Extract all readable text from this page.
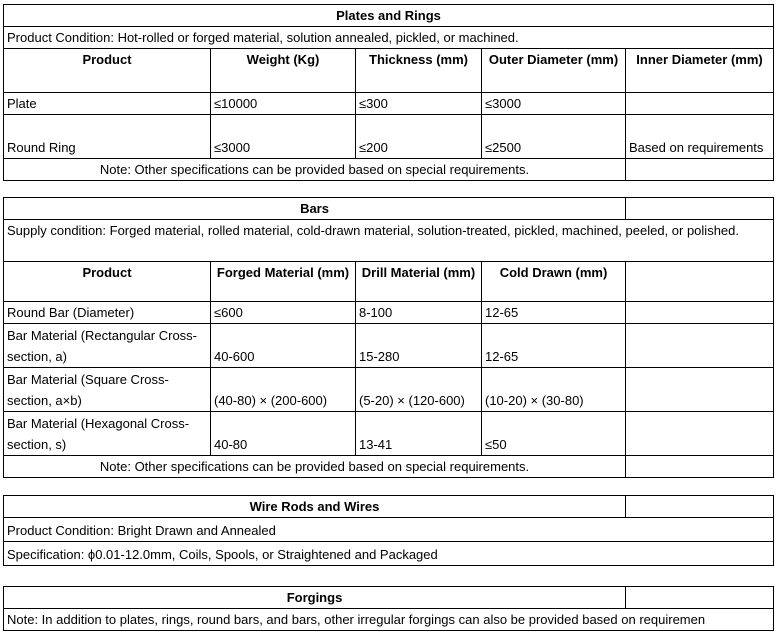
Plates and Rings				
Product Condition: Hot-rolled or forged material, solution annealed, pickled, or machined.				
Product	Weight (Kg)	Thickness (mm)	Outer Diameter (mm)	Inner Diameter (mm)
Plate	≤10000	≤300	≤3000	
Round Ring	≤3000	≤200	≤2500	Based on requirements
Note: Other specifications can be provided based on special requirements.				
Bars				
Supply condition: Forged material, rolled material, cold-drawn material, solution-treated, pickled, machined, peeled, or polished.				
Product	Forged Material (mm)	Drill Material (mm)	Cold Drawn (mm)	
Round Bar (Diameter)	≤600	8-100	12-65	
Bar Material (Rectangular Cross-section, a)	40-600	15-280	12-65	
Bar Material (Square Cross-section, a×b)	(40-80) × (200-600)	(5-20) × (120-600)	(10-20) × (30-80)	
Bar Material (Hexagonal Cross-section, s)	40-80	13-41	≤50	
Note: Other specifications can be provided based on special requirements.				
Wire Rods and Wires	
Product Condition: Bright Drawn and Annealed
Specification: ϕ0.01-12.0mm, Coils, Spools, or Straightened and Packaged
Forgings	
Note: In addition to plates, rings, round bars, and bars, other irregular forgings can also be provided based on requiremen
